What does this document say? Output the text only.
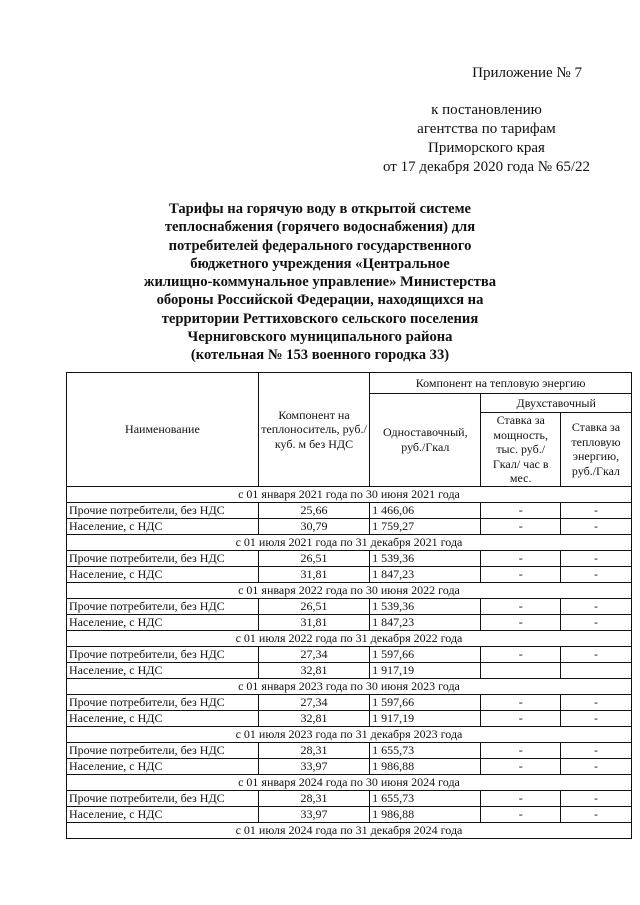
Приложение № 7
к постановлению
агентства по тарифам
Приморского края
от 17 декабря 2020 года № 65/22
Тарифы на горячую воду в открытой системе
теплоснабжения (горячего водоснабжения) для
потребителей федерального государственного
бюджетного учреждения «Центральное
жилищно-коммунальное управление» Министерства
обороны Российской Федерации, находящихся на
территории Реттиховского сельского поселения
Черниговского муниципального района
(котельная № 153 военного городка 33)
Наименование	Компонент на теплоноситель, руб./куб. м без НДС	Компонент на тепловую энергию		
		Одноставочный, руб./Гкал	Двухставочный	
			Ставка за мощность, тыс. руб./Гкал/ час в мес.	Ставка за тепловую энергию, руб./Гкал
с 01 января 2021 года по 30 июня 2021 года				
Прочие потребители, без НДС	25,66	1 466,06	-	-
Население, с НДС	30,79	1 759,27	-	-
с 01 июля 2021 года по 31 декабря 2021 года				
Прочие потребители, без НДС	26,51	1 539,36	-	-
Население, с НДС	31,81	1 847,23	-	-
с 01 января 2022 года по 30 июня 2022 года				
Прочие потребители, без НДС	26,51	1 539,36	-	-
Население, с НДС	31,81	1 847,23	-	-
с 01 июля 2022 года по 31 декабря 2022 года				
Прочие потребители, без НДС	27,34	1 597,66	-	-
Население, с НДС	32,81	1 917,19		
с 01 января 2023 года по 30 июня 2023 года				
Прочие потребители, без НДС	27,34	1 597,66	-	-
Население, с НДС	32,81	1 917,19	-	-
с 01 июля 2023 года по 31 декабря 2023 года				
Прочие потребители, без НДС	28,31	1 655,73	-	-
Население, с НДС	33,97	1 986,88	-	-
с 01 января 2024 года по 30 июня 2024 года				
Прочие потребители, без НДС	28,31	1 655,73	-	-
Население, с НДС	33,97	1 986,88	-	-
с 01 июля 2024 года по 31 декабря 2024 года				
